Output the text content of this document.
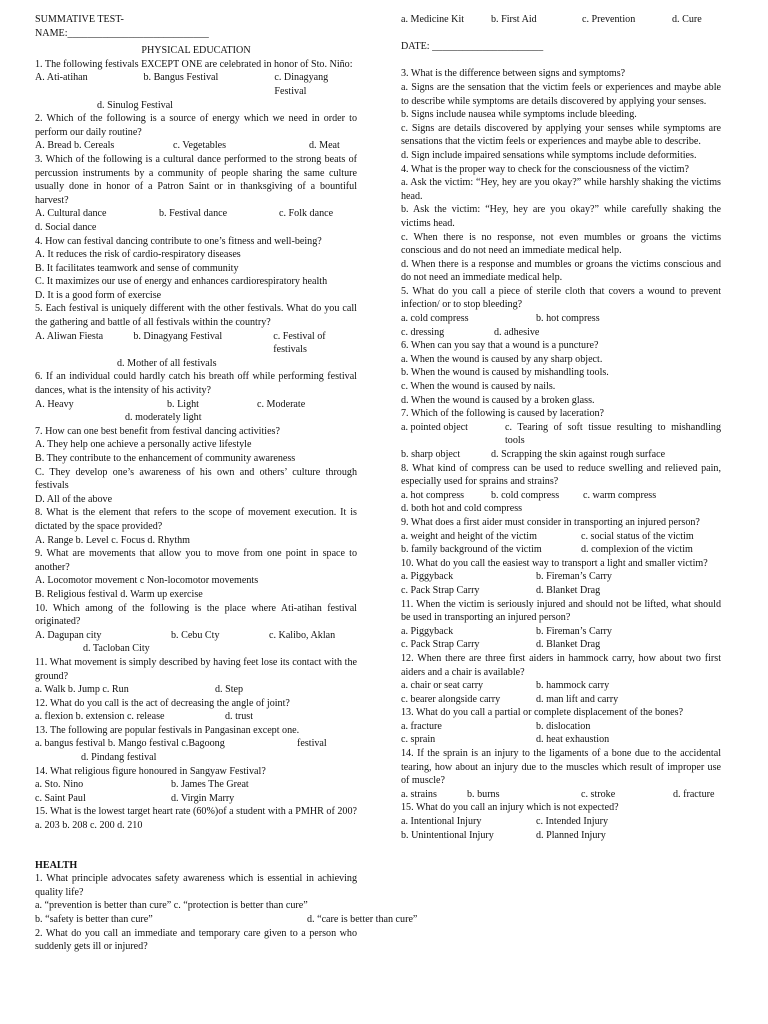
SUMMATIVE TEST-
NAME:____________________________
PHYSICAL EDUCATION
1. The following festivals EXCEPT ONE are celebrated in honor of Sto. Niño:
A. Ati-atihan	b. Bangus Festival	c. Dinagyang Festival
d. Sinulog Festival
2. Which of the following is a source of energy which we need in order to perform our daily routine?
A. Bread b. Cereals	c. Vegetables	d. Meat
3. Which of the following is a cultural dance performed to the strong beats of percussion instruments by a community of people sharing the same culture usually done in honor of a Patron Saint or in thanksgiving of a bountiful harvest?
A. Cultural dance	b. Festival dance	c. Folk dance
d. Social dance
4. How can festival dancing contribute to one’s fitness and well-being?
A. It reduces the risk of cardio-respiratory diseases
B. It facilitates teamwork and sense of community
C. It maximizes our use of energy and enhances cardiorespiratory health
D. It is a good form of exercise
5. Each festival is uniquely different with the other festivals. What do you call the gathering and battle of all festivals within the country?
A. Aliwan Fiesta	b. Dinagyang Festival	c. Festival of festivals
d. Mother of all festivals
6. If an individual could hardly catch his breath off while performing festival dances, what is the intensity of his activity?
A. Heavy	b. Light	c. Moderate
d. moderately light
7. How can one best benefit from festival dancing activities?
A. They help one achieve a personally active lifestyle
B. They contribute to the enhancement of community awareness
C. They develop one’s awareness of his own and others’ culture through festivals
D. All of the above
8. What is the element that refers to the scope of movement execution. It is dictated by the space provided?
A. Range b. Level c. Focus d. Rhythm
9. What are movements that allow you to move from one point in space to another?
A. Locomotor movement c Non-locomotor movements
B. Religious festival d. Warm up exercise
10. Which among of the following is the place where Ati-atihan festival originated?
A. Dagupan city	b. Cebu Cty	c. Kalibo, Aklan
d. Tacloban City
11. What movement is simply described by having feet lose its contact with the ground?
a. Walk b. Jump c. Run	d. Step
12. What do you call is the act of decreasing the angle of joint?
a. flexion b. extension c. release	d. trust
13. The following are popular festivals in Pangasinan except one.
a. bangus festival b. Mango festival c.Bagoong	festival
d. Pindang festival
14. What religious figure honoured in Sangyaw Festival?
a. Sto. Nino	b. James The Great
c. Saint Paul	d. Virgin Marry
15. What is the lowest target heart rate (60%)of a student with a PMHR of 200?
a. 203 b. 208 c. 200 d. 210
HEALTH
1. What principle advocates safety awareness which is essential in achieving quality life?
a. “prevention is better than cure” c. “protection is better than cure”
b. “safety is better than cure”	d. “care is better than cure”
2. What do you call an immediate and temporary care given to a person who suddenly gets ill or injured?
a. Medicine Kit	b. First Aid	c. Prevention	d. Cure
DATE: ______________________
3. What is the difference between signs and symptoms?
a. Signs are the sensation that the victim feels or experiences and maybe able to describe while symptoms are details discovered by applying your senses.
b. Signs include nausea while symptoms include bleeding.
c. Signs are details discovered by applying your senses while symptoms are sensations that the victim feels or experiences and maybe able to describe.
d. Sign include impaired sensations while symptoms include deformities.
4. What is the proper way to check for the consciousness of the victim?
a. Ask the victim: “Hey, hey are you okay?” while harshly shaking the victims head.
b. Ask the victim: “Hey, hey are you okay?” while carefully shaking the victims head.
c. When there is no response, not even mumbles or groans the victims conscious and do not need an immediate medical help.
d. When there is a response and mumbles or groans the victims conscious and do not need an immediate medical help.
5. What do you call a piece of sterile cloth that covers a wound to prevent infection/ or to stop bleeding?
a. cold compress	b. hot compress
c. dressing	d. adhesive
6. When can you say that a wound is a puncture?
a. When the wound is caused by any sharp object.
b. When the wound is caused by mishandling tools.
c. When the wound is caused by nails.
d. When the wound is caused by a broken glass.
7. Which of the following is caused by laceration?
a. pointed object	c. Tearing of soft tissue resulting to mishandling tools
b. sharp object	d. Scrapping the skin against rough surface
8. What kind of compress can be used to reduce swelling and relieved pain, especially used for sprains and strains?
a. hot compress	b. cold compress	c. warm compress
d. both hot and cold compress
9. What does a first aider must consider in transporting an injured person?
a. weight and height of the victim	c. social status of the victim
b. family background of the victim	d. complexion of the victim
10. What do you call the easiest way to transport a light and smaller victim?
a. Piggyback	b. Fireman’s Carry
c. Pack Strap Carry	d. Blanket Drag
11. When the victim is seriously injured and should not be lifted, what should be used in transporting an injured person?
a. Piggyback	b. Fireman’s Carry
c. Pack Strap Carry	d. Blanket Drag
12. When there are three first aiders in hammock carry, how about two first aiders and a chair is available?
a. chair or seat carry	b. hammock carry
c. bearer alongside carry	d. man lift and carry
13. What do you call a partial or complete displacement of the bones?
a. fracture	b. dislocation
c. sprain	d. heat exhaustion
14. If the sprain is an injury to the ligaments of a bone due to the accidental tearing, how about an injury due to the muscles which result of improper use of muscle?
a. strains	b. burns	c. stroke	d. fracture
15. What do you call an injury which is not expected?
a. Intentional Injury	c. Intended Injury
b. Unintentional Injury	d. Planned Injury
